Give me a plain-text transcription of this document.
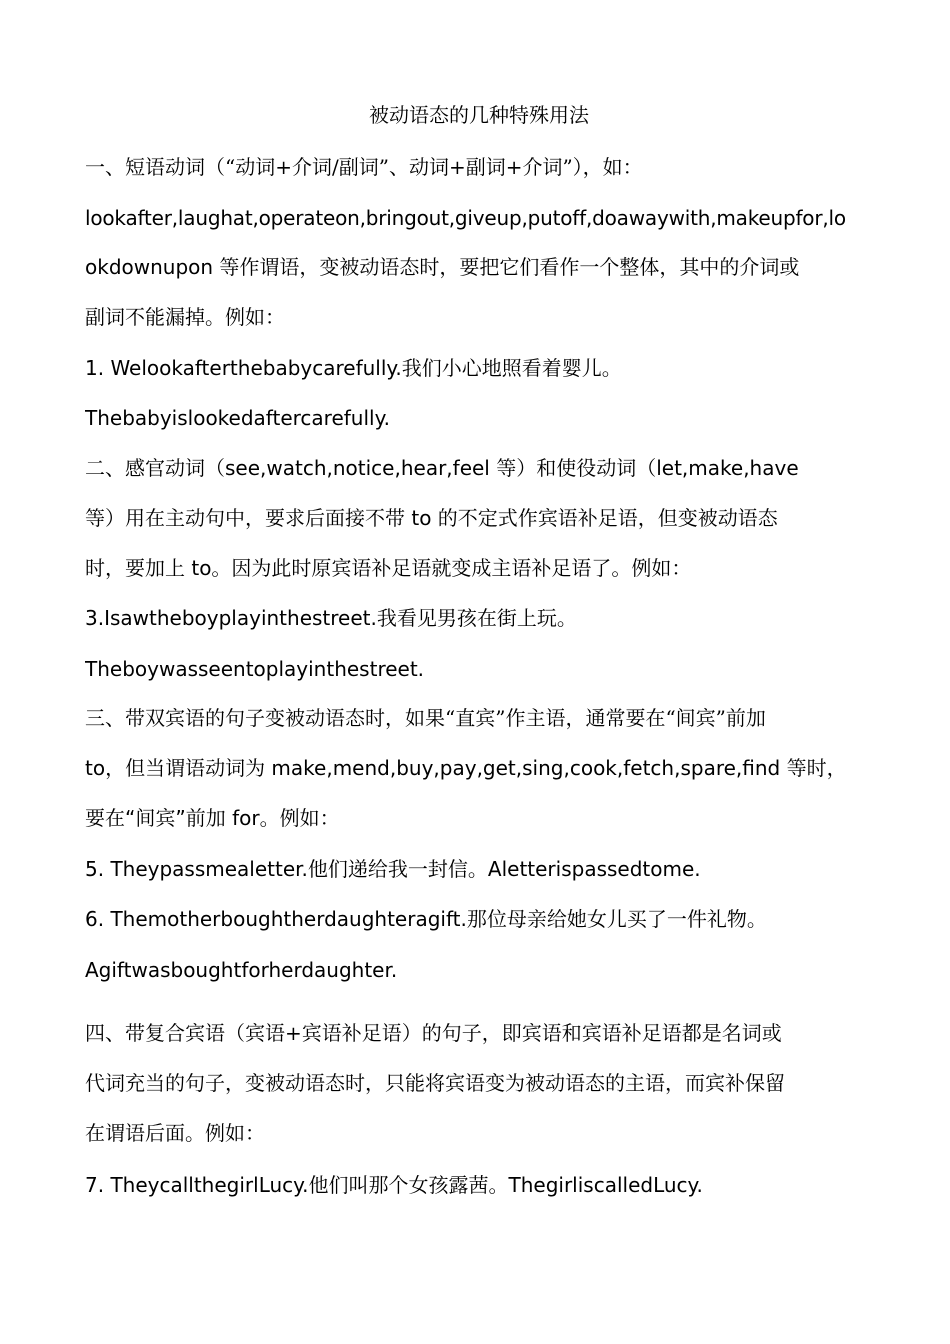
被动语态的几种特殊用法
一、短语动词（“动词+介词/副词”、动词+副词+介词”），如：
lookafter,laughat,operateon,bringout,giveup,putoff,doawaywith,makeupfor,lo
okdownupon 等作谓语，变被动语态时，要把它们看作一个整体，其中的介词或
副词不能漏掉。例如：
1. Welookafterthebabycarefully.我们小心地照看着婴儿。
Thebabyislookedaftercarefully.
二、感官动词（see,watch,notice,hear,feel 等）和使役动词（let,make,have
等）用在主动句中，要求后面接不带 to 的不定式作宾语补足语，但变被动语态
时，要加上 to。因为此时原宾语补足语就变成主语补足语了。例如：
3.Isawtheboyplayinthestreet.我看见男孩在街上玩。
Theboywasseentoplayinthestreet.
三、带双宾语的句子变被动语态时，如果“直宾”作主语，通常要在“间宾”前加
to，但当谓语动词为 make,mend,buy,pay,get,sing,cook,fetch,spare,find 等时，
要在“间宾”前加 for。例如：
5. Theypassmealetter.他们递给我一封信。Aletterispassedtome.
6. Themotherboughtherdaughteragift.那位母亲给她女儿买了一件礼物。
Agiftwasboughtforherdaughter.
四、带复合宾语（宾语+宾语补足语）的句子，即宾语和宾语补足语都是名词或
代词充当的句子，变被动语态时，只能将宾语变为被动语态的主语，而宾补保留
在谓语后面。例如：
7. TheycallthegirlLucy.他们叫那个女孩露茜。ThegirliscalledLucy.
